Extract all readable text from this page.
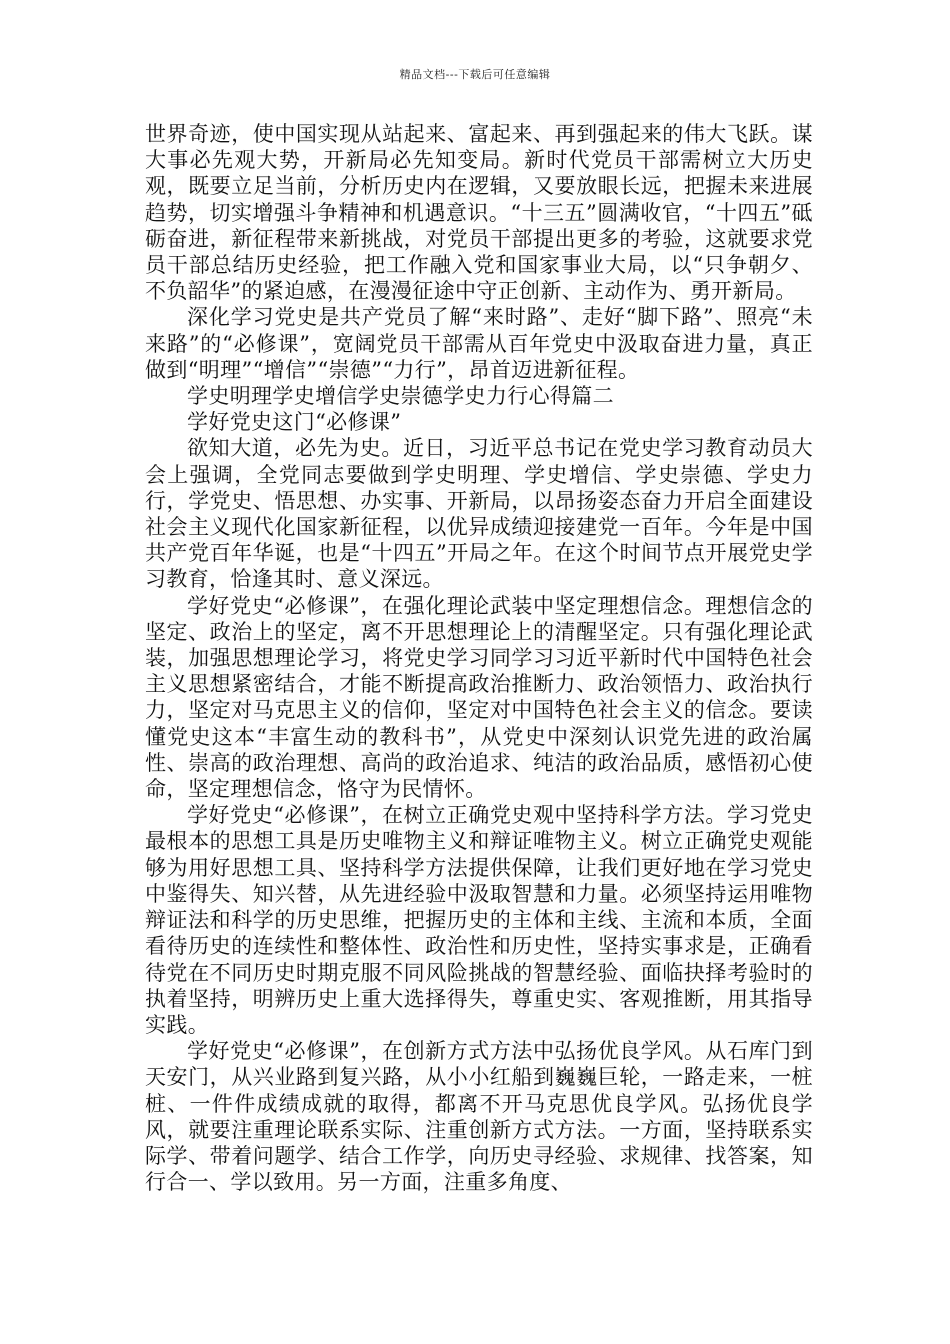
精品文档---下载后可任意编辑

世界奇迹，使中国实现从站起来、富起来、再到强起来的伟大飞跃。谋大事必先观大势，开新局必先知变局。新时代党员干部需树立大历史观，既要立足当前，分析历史内在逻辑，又要放眼长远，把握未来进展趋势，切实增强斗争精神和机遇意识。“十三五”圆满收官，“十四五”砥砺奋进，新征程带来新挑战，对党员干部提出更多的考验，这就要求党员干部总结历史经验，把工作融入党和国家事业大局，以“只争朝夕、不负韶华”的紧迫感，在漫漫征途中守正创新、主动作为、勇开新局。

深化学习党史是共产党员了解“来时路”、走好“脚下路”、照亮“未来路”的“必修课”，宽阔党员干部需从百年党史中汲取奋进力量，真正做到“明理”“增信”“崇德”“力行”，昂首迈进新征程。

学史明理学史增信学史崇德学史力行心得篇二

学好党史这门“必修课”

欲知大道，必先为史。近日，习近平总书记在党史学习教育动员大会上强调，全党同志要做到学史明理、学史增信、学史崇德、学史力行，学党史、悟思想、办实事、开新局，以昂扬姿态奋力开启全面建设社会主义现代化国家新征程，以优异成绩迎接建党一百年。今年是中国共产党百年华诞，也是“十四五”开局之年。在这个时间节点开展党史学习教育，恰逢其时、意义深远。

学好党史“必修课”，在强化理论武装中坚定理想信念。理想信念的坚定、政治上的坚定，离不开思想理论上的清醒坚定。只有强化理论武装，加强思想理论学习，将党史学习同学习习近平新时代中国特色社会主义思想紧密结合，才能不断提高政治推断力、政治领悟力、政治执行力，坚定对马克思主义的信仰，坚定对中国特色社会主义的信念。要读懂党史这本“丰富生动的教科书”，从党史中深刻认识党先进的政治属性、崇高的政治理想、高尚的政治追求、纯洁的政治品质，感悟初心使命，坚定理想信念，恪守为民情怀。

学好党史“必修课”，在树立正确党史观中坚持科学方法。学习党史最根本的思想工具是历史唯物主义和辩证唯物主义。树立正确党史观能够为用好思想工具、坚持科学方法提供保障，让我们更好地在学习党史中鉴得失、知兴替，从先进经验中汲取智慧和力量。必须坚持运用唯物辩证法和科学的历史思维，把握历史的主体和主线、主流和本质，全面看待历史的连续性和整体性、政治性和历史性，坚持实事求是，正确看待党在不同历史时期克服不同风险挑战的智慧经验、面临抉择考验时的执着坚持，明辨历史上重大选择得失，尊重史实、客观推断，用其指导实践。

学好党史“必修课”，在创新方式方法中弘扬优良学风。从石库门到天安门，从兴业路到复兴路，从小小红船到巍巍巨轮，一路走来，一桩桩、一件件成绩成就的取得，都离不开马克思优良学风。弘扬优良学风，就要注重理论联系实际、注重创新方式方法。一方面，坚持联系实际学、带着问题学、结合工作学，向历史寻经验、求规律、找答案，知行合一、学以致用。另一方面，注重多角度、
